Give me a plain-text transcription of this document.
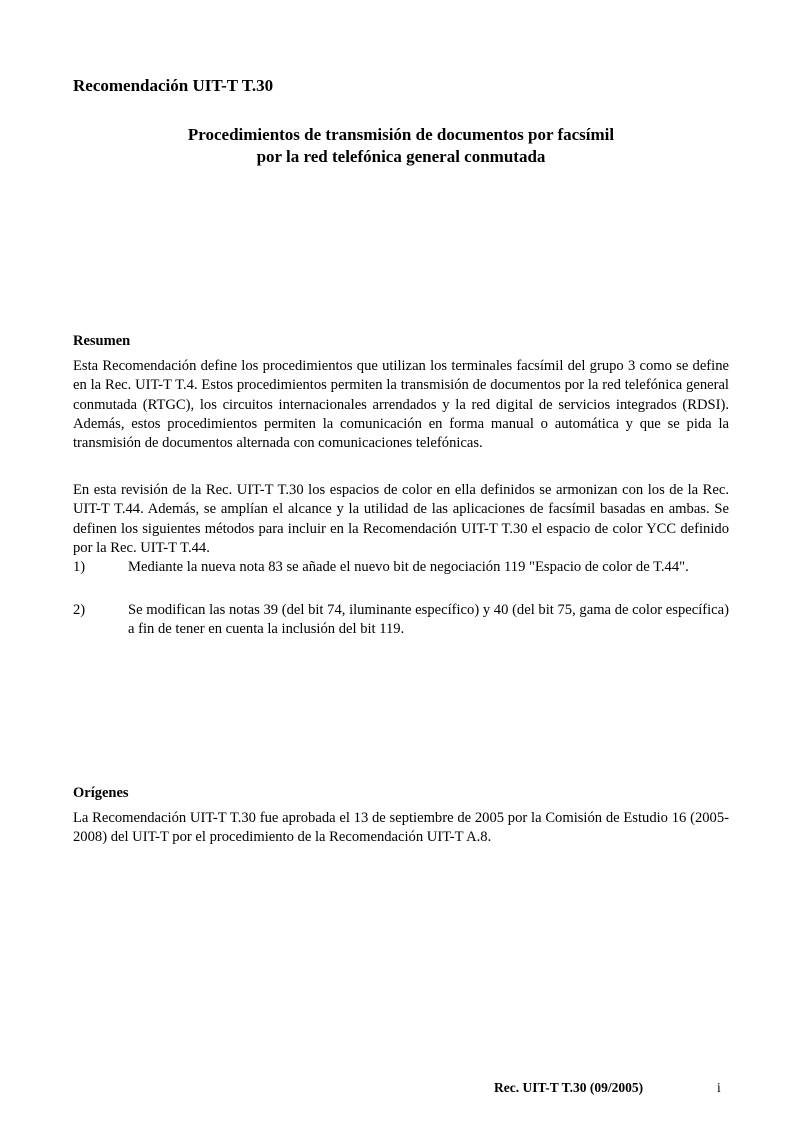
Recomendación UIT-T T.30
Procedimientos de transmisión de documentos por facsímil
por la red telefónica general conmutada
Resumen

Esta Recomendación define los procedimientos que utilizan los terminales facsímil del grupo 3 como se define en la Rec. UIT-T T.4. Estos procedimientos permiten la transmisión de documentos por la red telefónica general conmutada (RTGC), los circuitos internacionales arrendados y la red digital de servicios integrados (RDSI). Además, estos procedimientos permiten la comunicación en forma manual o automática y que se pida la transmisión de documentos alternada con comunicaciones telefónicas.

En esta revisión de la Rec. UIT-T T.30 los espacios de color en ella definidos se armonizan con los de la Rec. UIT-T T.44. Además, se amplían el alcance y la utilidad de las aplicaciones de facsímil basadas en ambas. Se definen los siguientes métodos para incluir en la Recomendación UIT-T T.30 el espacio de color YCC definido por la Rec. UIT-T T.44.

1)	Mediante la nueva nota 83 se añade el nuevo bit de negociación 119 "Espacio de color de T.44".
2)	Se modifican las notas 39 (del bit 74, iluminante específico) y 40 (del bit 75, gama de color específica) a fin de tener en cuenta la inclusión del bit 119.
Orígenes

La Recomendación UIT-T T.30 fue aprobada el 13 de septiembre de 2005 por la Comisión de Estudio 16 (2005-2008) del UIT-T por el procedimiento de la Recomendación UIT-T A.8.

Rec. UIT-T T.30 (09/2005)	i
